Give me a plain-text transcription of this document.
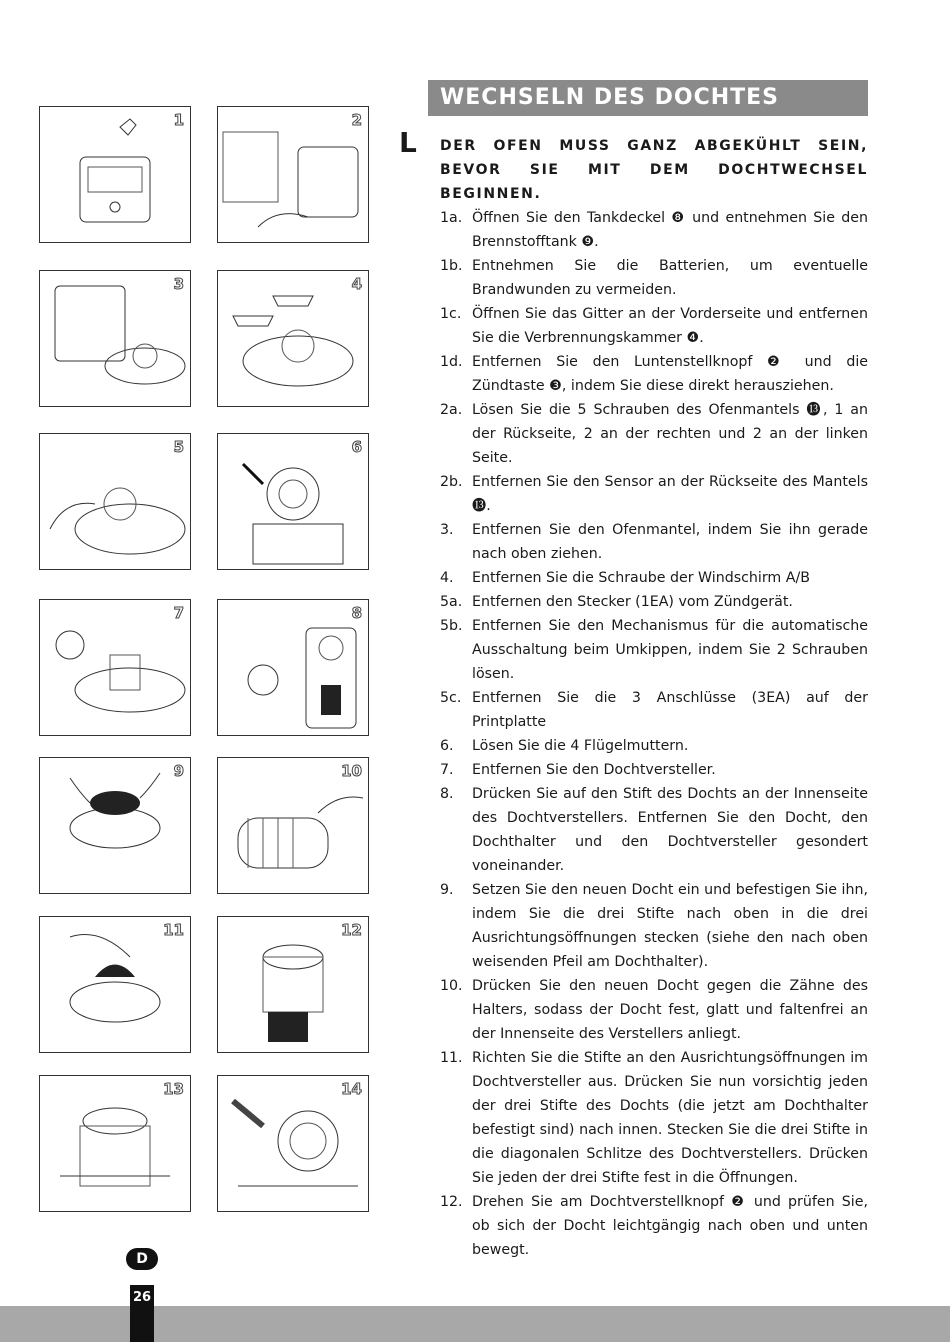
WECHSELN DES DOCHTES
L DER OFEN MUSS GANZ ABGEKÜHLT SEIN, BEVOR SIE MIT DEM DOCHTWECHSEL BEGINNEN.
1a. Öffnen Sie den Tankdeckel ❽ und entnehmen Sie den Brennstofftank ❾.
1b. Entnehmen Sie die Batterien, um eventuelle Brandwunden zu vermeiden.
1c. Öffnen Sie das Gitter an der Vorderseite und entfernen Sie die Verbrennungskammer ❹.
1d. Entfernen Sie den Luntenstellknopf ❷ und die Zündtaste ❸, indem Sie diese direkt herausziehen.
2a. Lösen Sie die 5 Schrauben des Ofenmantels ⓭, 1 an der Rückseite, 2 an der rechten und 2 an der linken Seite.
2b. Entfernen Sie den Sensor an der Rückseite des Mantels ⓭.
3.	Entfernen Sie den Ofenmantel, indem Sie ihn gerade nach oben ziehen.
4.	Entfernen Sie die Schraube der Windschirm A/B
5a. Entfernen den Stecker (1EA) vom Zündgerät.
5b. Entfernen Sie den Mechanismus für die automatische Ausschaltung beim Umkippen, indem Sie 2 Schrauben lösen.
5c. Entfernen Sie die 3 Anschlüsse (3EA) auf der Printplatte
6.	Lösen Sie die 4 Flügelmuttern.
7.	Entfernen Sie den Dochtversteller.
8.	Drücken Sie auf den Stift des Dochts an der Innenseite des Dochtverstellers. Entfernen Sie den Docht, den Dochthalter und den Dochtversteller gesondert voneinander.
9.	Setzen Sie den neuen Docht ein und befestigen Sie ihn, indem Sie die drei Stifte nach oben in die drei Ausrichtungsöffnungen stecken (siehe den nach oben weisenden Pfeil am Dochthalter).
10. Drücken Sie den neuen Docht gegen die Zähne des Halters, sodass der Docht fest, glatt und faltenfrei an der Innenseite des Verstellers anliegt.
11. Richten Sie die Stifte an den Ausrichtungsöffnungen im Dochtversteller aus. Drücken Sie nun vorsichtig jeden der drei Stifte des Dochts (die jetzt am Dochthalter befestigt sind) nach innen. Stecken Sie die drei Stifte in die diagonalen Schlitze des Dochtverstellers. Drücken Sie jeden der drei Stifte fest in die Öffnungen.
12. Drehen Sie am Dochtverstellknopf ❷ und prüfen Sie, ob sich der Docht leichtgängig nach oben und unten bewegt.
1	2
3	4
5	6
7	8
9	10
11	12
13	14
D
26
